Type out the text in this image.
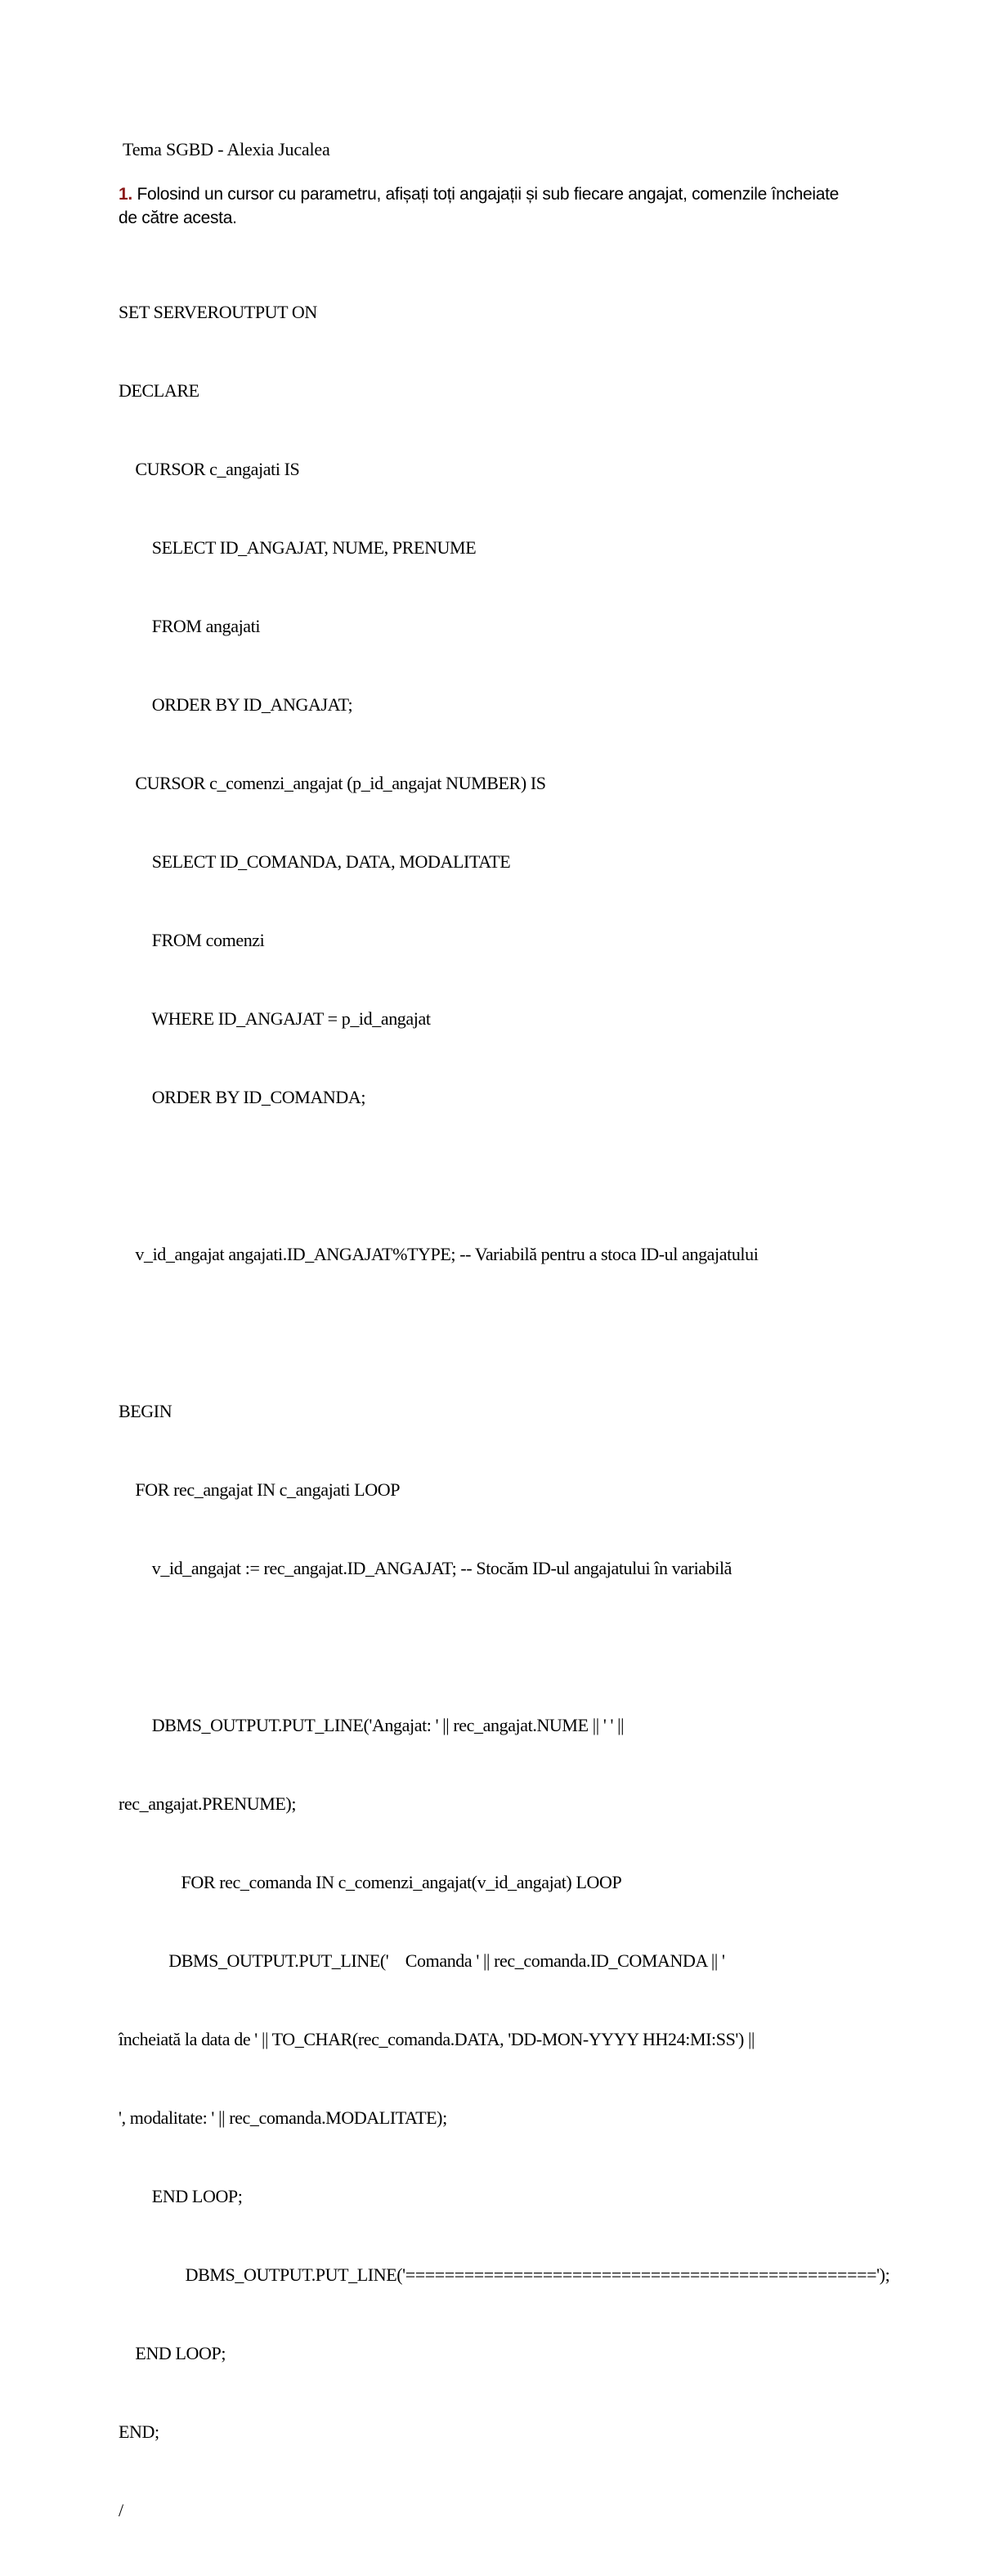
Tema SGBD - Alexia Jucalea
1. Folosind un cursor cu parametru, afișați toți angajații și sub fiecare angajat, comenzile încheiate de către acesta.

SET SERVEROUTPUT ON

DECLARE

CURSOR c_angajati IS

SELECT ID_ANGAJAT, NUME, PRENUME

FROM angajati

ORDER BY ID_ANGAJAT;

CURSOR c_comenzi_angajat (p_id_angajat NUMBER) IS

SELECT ID_COMANDA, DATA, MODALITATE

FROM comenzi

WHERE ID_ANGAJAT = p_id_angajat

ORDER BY ID_COMANDA;

v_id_angajat angajati.ID_ANGAJAT%TYPE; -- Variabilă pentru a stoca ID-ul angajatului

BEGIN

FOR rec_angajat IN c_angajati LOOP

v_id_angajat := rec_angajat.ID_ANGAJAT; -- Stocăm ID-ul angajatului în variabilă

DBMS_OUTPUT.PUT_LINE('Angajat: ' || rec_angajat.NUME || ' ' ||

rec_angajat.PRENUME);

FOR rec_comanda IN c_comenzi_angajat(v_id_angajat) LOOP

DBMS_OUTPUT.PUT_LINE('    Comanda ' || rec_comanda.ID_COMANDA || '

încheiată la data de ' || TO_CHAR(rec_comanda.DATA, 'DD-MON-YYYY HH24:MI:SS') ||

', modalitate: ' || rec_comanda.MODALITATE);

END LOOP;

DBMS_OUTPUT.PUT_LINE('================================================');

END LOOP;

END;

/
